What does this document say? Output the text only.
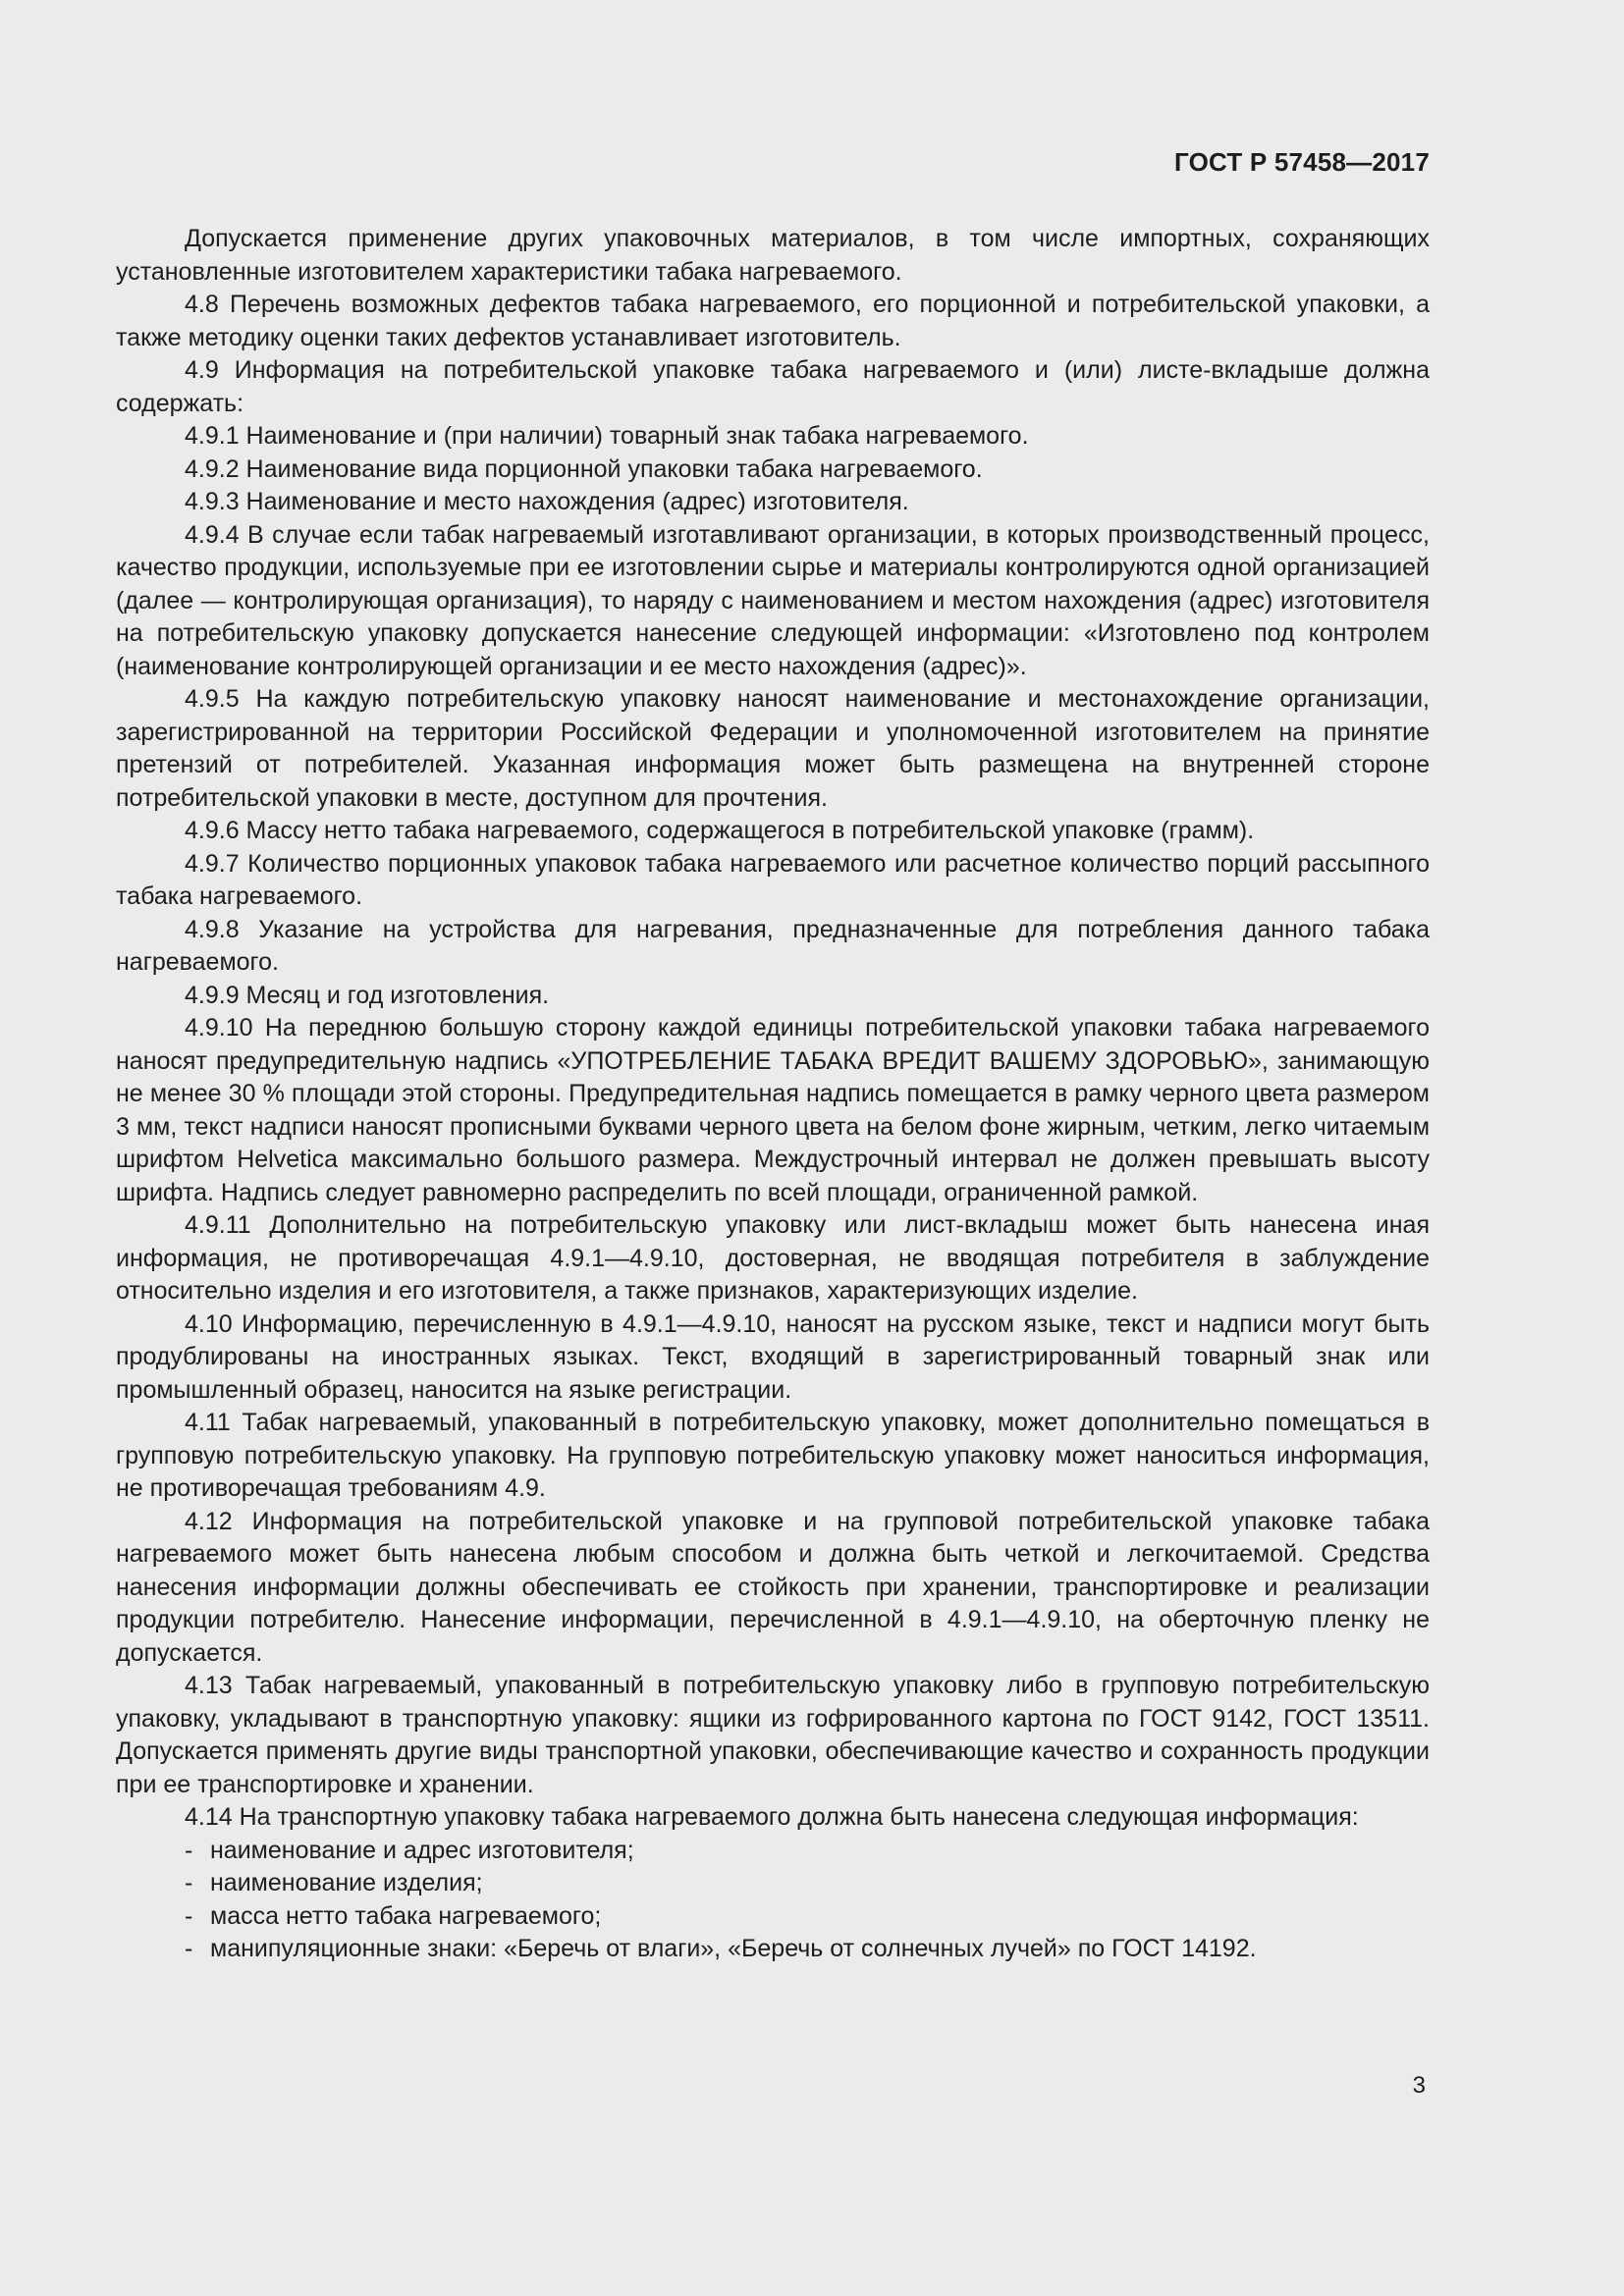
ГОСТ Р 57458—2017

Допускается применение других упаковочных материалов, в том числе импортных, сохраняющих установленные изготовителем характеристики табака нагреваемого.

4.8 Перечень возможных дефектов табака нагреваемого, его порционной и потребительской упаковки, а также методику оценки таких дефектов устанавливает изготовитель.

4.9 Информация на потребительской упаковке табака нагреваемого и (или) листе-вкладыше должна содержать:

4.9.1 Наименование и (при наличии) товарный знак табака нагреваемого.

4.9.2 Наименование вида порционной упаковки табака нагреваемого.

4.9.3 Наименование и место нахождения (адрес) изготовителя.

4.9.4 В случае если табак нагреваемый изготавливают организации, в которых производственный процесс, качество продукции, используемые при ее изготовлении сырье и материалы контролируются одной организацией (далее — контролирующая организация), то наряду с наименованием и местом нахождения (адрес) изготовителя на потребительскую упаковку допускается нанесение следующей информации: «Изготовлено под контролем (наименование контролирующей организации и ее место нахождения (адрес)».

4.9.5 На каждую потребительскую упаковку наносят наименование и местонахождение организации, зарегистрированной на территории Российской Федерации и уполномоченной изготовителем на принятие претензий от потребителей. Указанная информация может быть размещена на внутренней стороне потребительской упаковки в месте, доступном для прочтения.

4.9.6 Массу нетто табака нагреваемого, содержащегося в потребительской упаковке (грамм).

4.9.7 Количество порционных упаковок табака нагреваемого или расчетное количество порций рассыпного табака нагреваемого.

4.9.8 Указание на устройства для нагревания, предназначенные для потребления данного табака нагреваемого.

4.9.9 Месяц и год изготовления.

4.9.10 На переднюю большую сторону каждой единицы потребительской упаковки табака нагреваемого наносят предупредительную надпись «УПОТРЕБЛЕНИЕ ТАБАКА ВРЕДИТ ВАШЕМУ ЗДОРОВЬЮ», занимающую не менее 30 % площади этой стороны. Предупредительная надпись помещается в рамку черного цвета размером 3 мм, текст надписи наносят прописными буквами черного цвета на белом фоне жирным, четким, легко читаемым шрифтом Helvetica максимально большого размера. Междустрочный интервал не должен превышать высоту шрифта. Надпись следует равномерно распределить по всей площади, ограниченной рамкой.

4.9.11 Дополнительно на потребительскую упаковку или лист-вкладыш может быть нанесена иная информация, не противоречащая 4.9.1—4.9.10, достоверная, не вводящая потребителя в заблуждение относительно изделия и его изготовителя, а также признаков, характеризующих изделие.

4.10 Информацию, перечисленную в 4.9.1—4.9.10, наносят на русском языке, текст и надписи могут быть продублированы на иностранных языках. Текст, входящий в зарегистрированный товарный знак или промышленный образец, наносится на языке регистрации.

4.11 Табак нагреваемый, упакованный в потребительскую упаковку, может дополнительно помещаться в групповую потребительскую упаковку. На групповую потребительскую упаковку может наноситься информация, не противоречащая требованиям 4.9.

4.12 Информация на потребительской упаковке и на групповой потребительской упаковке табака нагреваемого может быть нанесена любым способом и должна быть четкой и легкочитаемой. Средства нанесения информации должны обеспечивать ее стойкость при хранении, транспортировке и реализации продукции потребителю. Нанесение информации, перечисленной в 4.9.1—4.9.10, на оберточную пленку не допускается.

4.13 Табак нагреваемый, упакованный в потребительскую упаковку либо в групповую потребительскую упаковку, укладывают в транспортную упаковку: ящики из гофрированного картона по ГОСТ 9142, ГОСТ 13511. Допускается применять другие виды транспортной упаковки, обеспечивающие качество и сохранность продукции при ее транспортировке и хранении.

4.14 На транспортную упаковку табака нагреваемого должна быть нанесена следующая информация:

- наименование и адрес изготовителя;
- наименование изделия;
- масса нетто табака нагреваемого;
- манипуляционные знаки: «Беречь от влаги», «Беречь от солнечных лучей» по ГОСТ 14192.
3
